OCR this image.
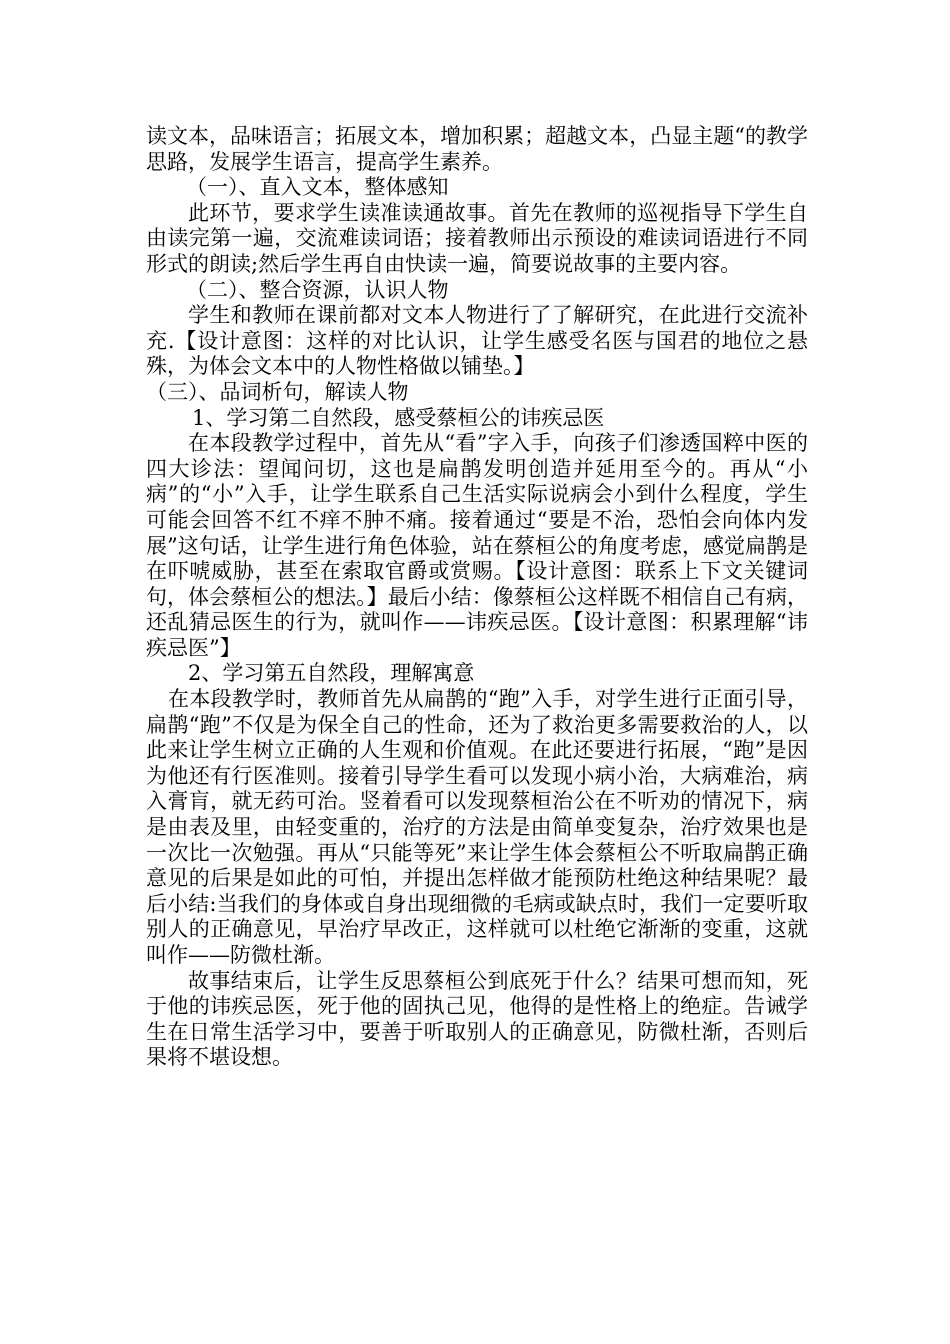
读文本，品味语言；拓展文本，增加积累；超越文本，凸显主题“的教学思路，发展学生语言，提高学生素养。

（一）、直入文本，整体感知

此环节，要求学生读准读通故事。首先在教师的巡视指导下学生自由读完第一遍，交流难读词语；接着教师出示预设的难读词语进行不同形式的朗读;然后学生再自由快读一遍，简要说故事的主要内容。

（二）、整合资源，认识人物

学生和教师在课前都对文本人物进行了了解研究，在此进行交流补充.【设计意图：这样的对比认识，让学生感受名医与国君的地位之悬殊，为体会文本中的人物性格做以铺垫。】

（三）、品词析句，解读人物

1、学习第二自然段，感受蔡桓公的讳疾忌医

在本段教学过程中，首先从“看”字入手，向孩子们渗透国粹中医的四大诊法：望闻问切，这也是扁鹊发明创造并延用至今的。再从“小病”的“小”入手，让学生联系自己生活实际说病会小到什么程度，学生可能会回答不红不痒不肿不痛。接着通过“要是不治，恐怕会向体内发展”这句话，让学生进行角色体验，站在蔡桓公的角度考虑，感觉扁鹊是在吓唬威胁，甚至在索取官爵或赏赐。【设计意图：联系上下文关键词句，体会蔡桓公的想法。】最后小结：像蔡桓公这样既不相信自己有病，还乱猜忌医生的行为，就叫作——讳疾忌医。【设计意图：积累理解“讳疾忌医”】

2、学习第五自然段，理解寓意

在本段教学时，教师首先从扁鹊的“跑”入手，对学生进行正面引导，扁鹊“跑”不仅是为保全自己的性命，还为了救治更多需要救治的人，以此来让学生树立正确的人生观和价值观。在此还要进行拓展，“跑”是因为他还有行医准则。接着引导学生看可以发现小病小治，大病难治，病入膏肓，就无药可治。竖着看可以发现蔡桓治公在不听劝的情况下，病是由表及里，由轻变重的，治疗的方法是由简单变复杂，治疗效果也是一次比一次勉强。再从“只能等死”来让学生体会蔡桓公不听取扁鹊正确意见的后果是如此的可怕，并提出怎样做才能预防杜绝这种结果呢？最后小结:当我们的身体或自身出现细微的毛病或缺点时，我们一定要听取别人的正确意见，早治疗早改正，这样就可以杜绝它渐渐的变重，这就叫作——防微杜渐。

故事结束后，让学生反思蔡桓公到底死于什么？结果可想而知，死于他的讳疾忌医，死于他的固执己见，他得的是性格上的绝症。告诫学生在日常生活学习中，要善于听取别人的正确意见，防微杜渐，否则后果将不堪设想。
